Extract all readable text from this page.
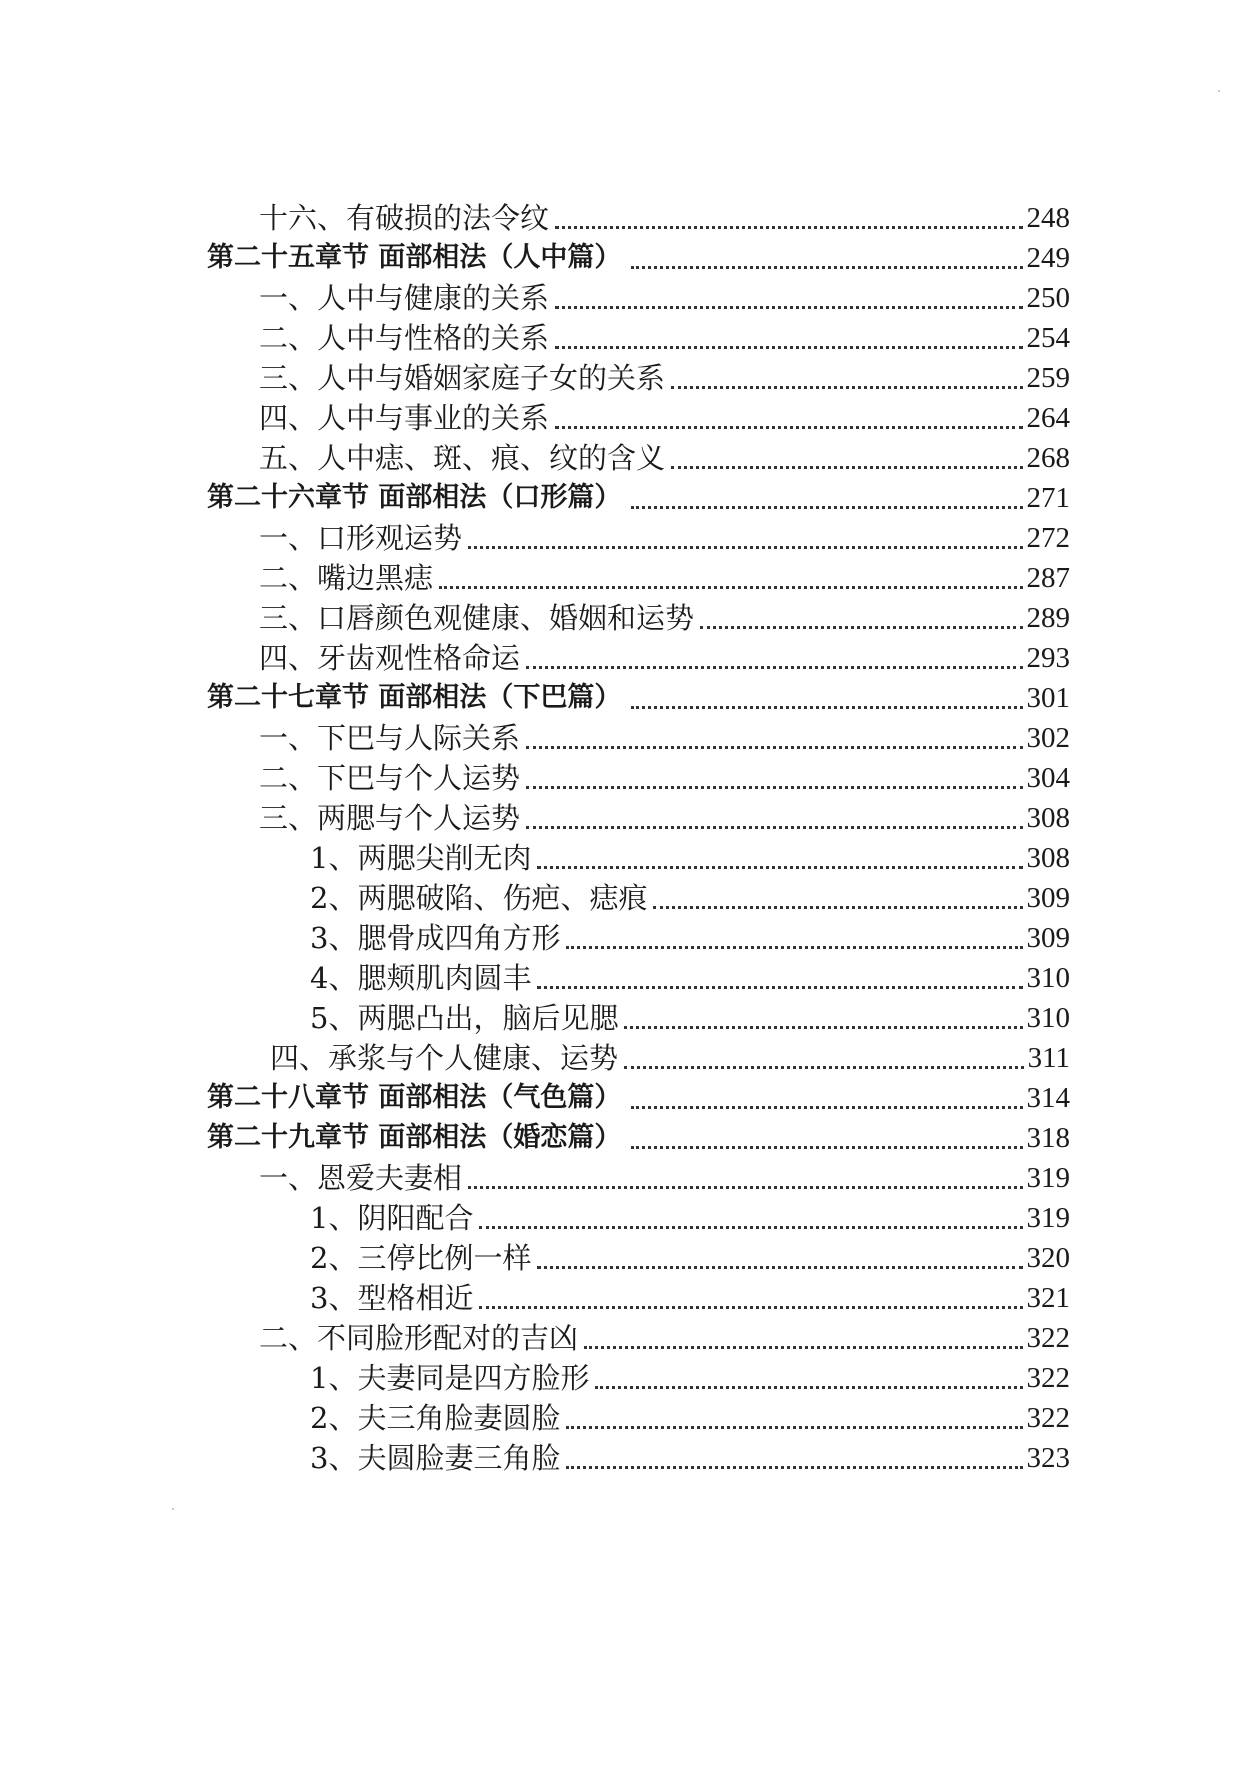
十六、有破损的法令纹	248
第二十五章节 面部相法（人中篇）	249
一、人中与健康的关系	250
二、人中与性格的关系	254
三、人中与婚姻家庭子女的关系	259
四、人中与事业的关系	264
五、人中痣、斑、痕、纹的含义	268
第二十六章节 面部相法（口形篇）	271
一、口形观运势	272
二、嘴边黑痣	287
三、口唇颜色观健康、婚姻和运势	289
四、牙齿观性格命运	293
第二十七章节 面部相法（下巴篇）	301
一、下巴与人际关系	302
二、下巴与个人运势	304
三、两腮与个人运势	308
1、两腮尖削无肉	308
2、两腮破陷、伤疤、痣痕	309
3、腮骨成四角方形	309
4、腮颊肌肉圆丰	310
5、两腮凸出，脑后见腮	310
四、承浆与个人健康、运势	311
第二十八章节 面部相法（气色篇）	314
第二十九章节 面部相法（婚恋篇）	318
一、恩爱夫妻相	319
1、阴阳配合	319
2、三停比例一样	320
3、型格相近	321
二、不同脸形配对的吉凶	322
1、夫妻同是四方脸形	322
2、夫三角脸妻圆脸	322
3、夫圆脸妻三角脸	323
